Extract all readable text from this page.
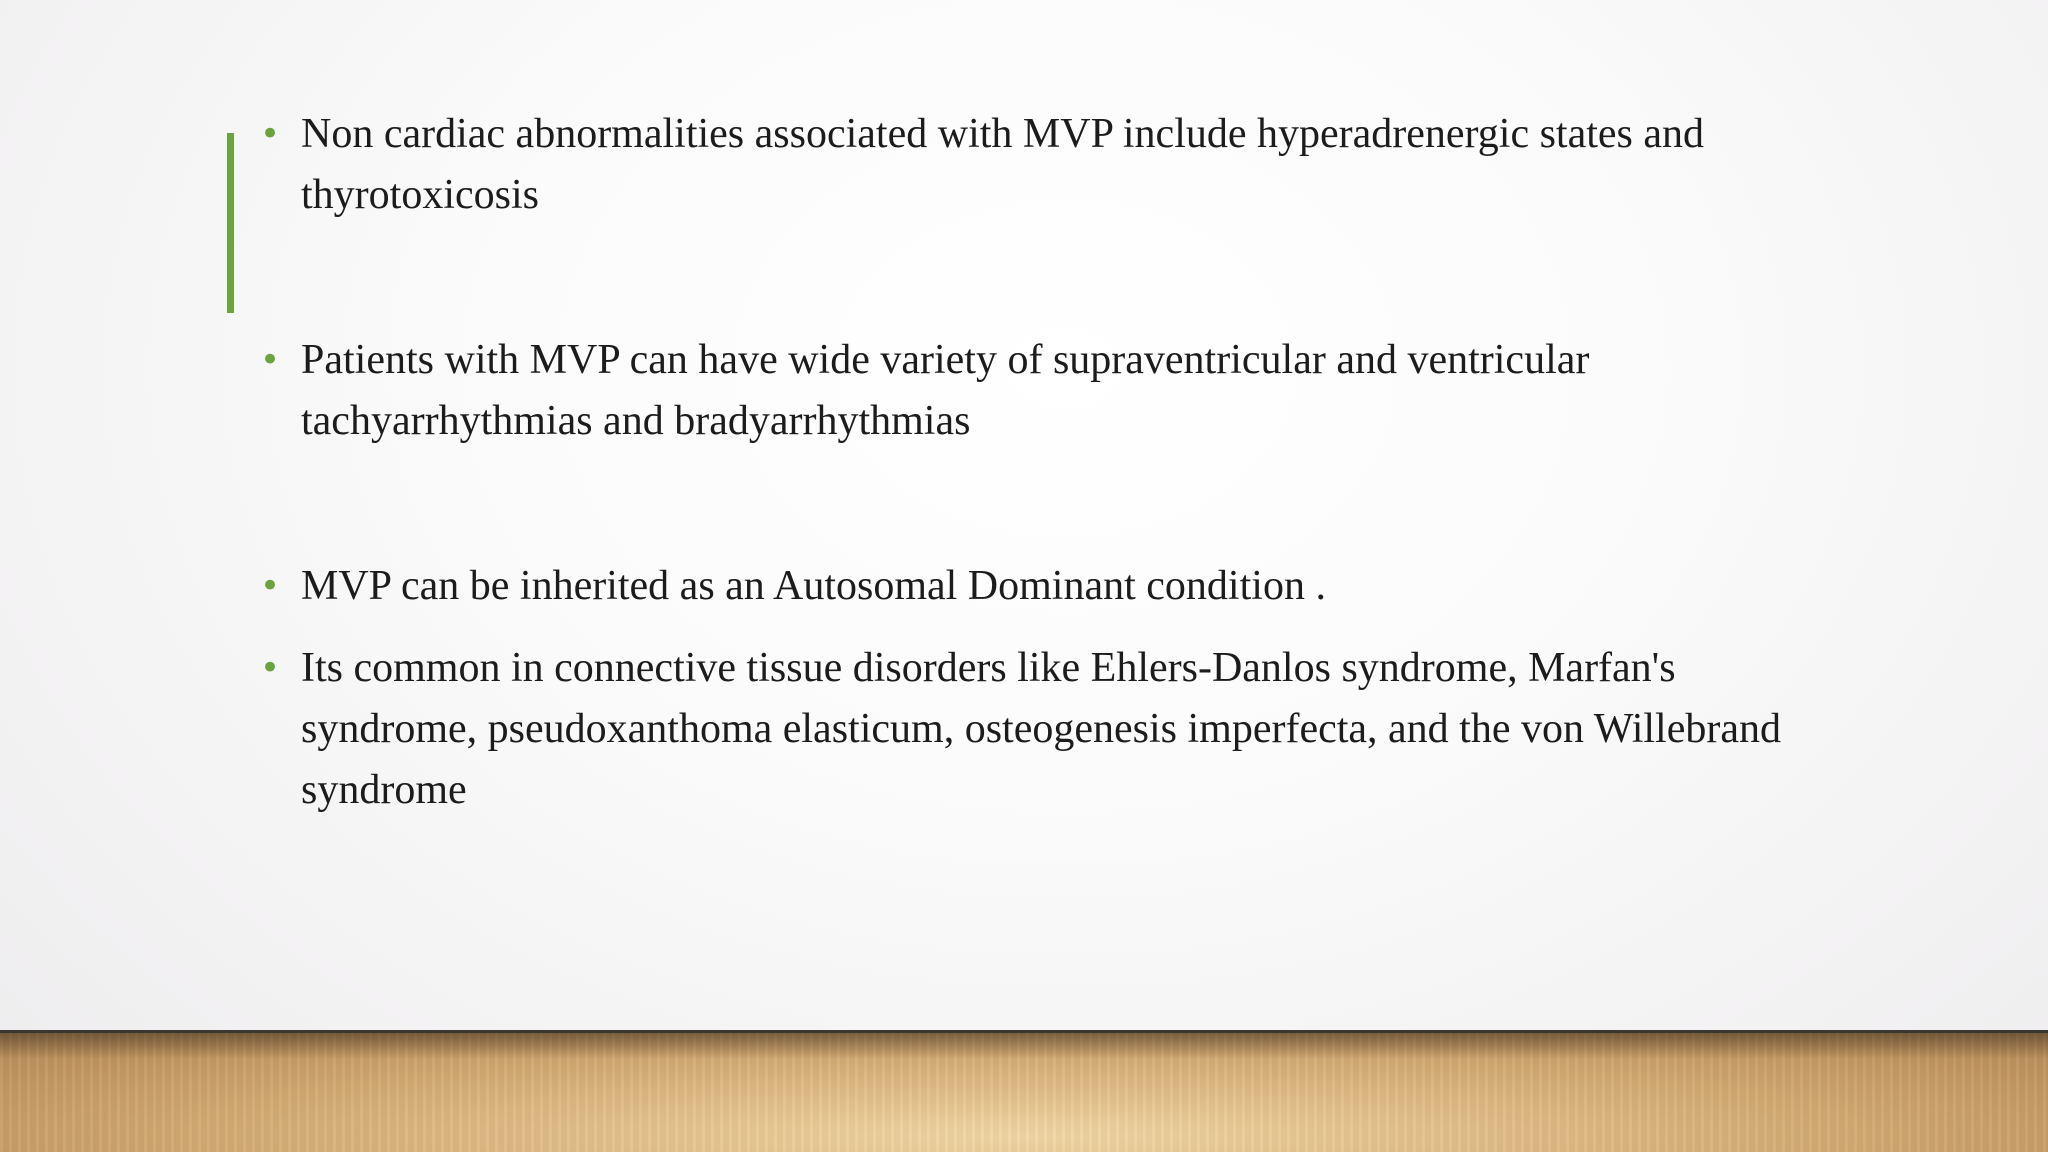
• Non cardiac abnormalities associated with MVP include hyperadrenergic states and thyrotoxicosis
• Patients with MVP can have wide variety of supraventricular and ventricular tachyarrhythmias and bradyarrhythmias
• MVP can be inherited as an Autosomal Dominant condition .
• Its common in connective tissue disorders like Ehlers-Danlos syndrome, Marfan's syndrome, pseudoxanthoma elasticum, osteogenesis imperfecta, and the von Willebrand syndrome
